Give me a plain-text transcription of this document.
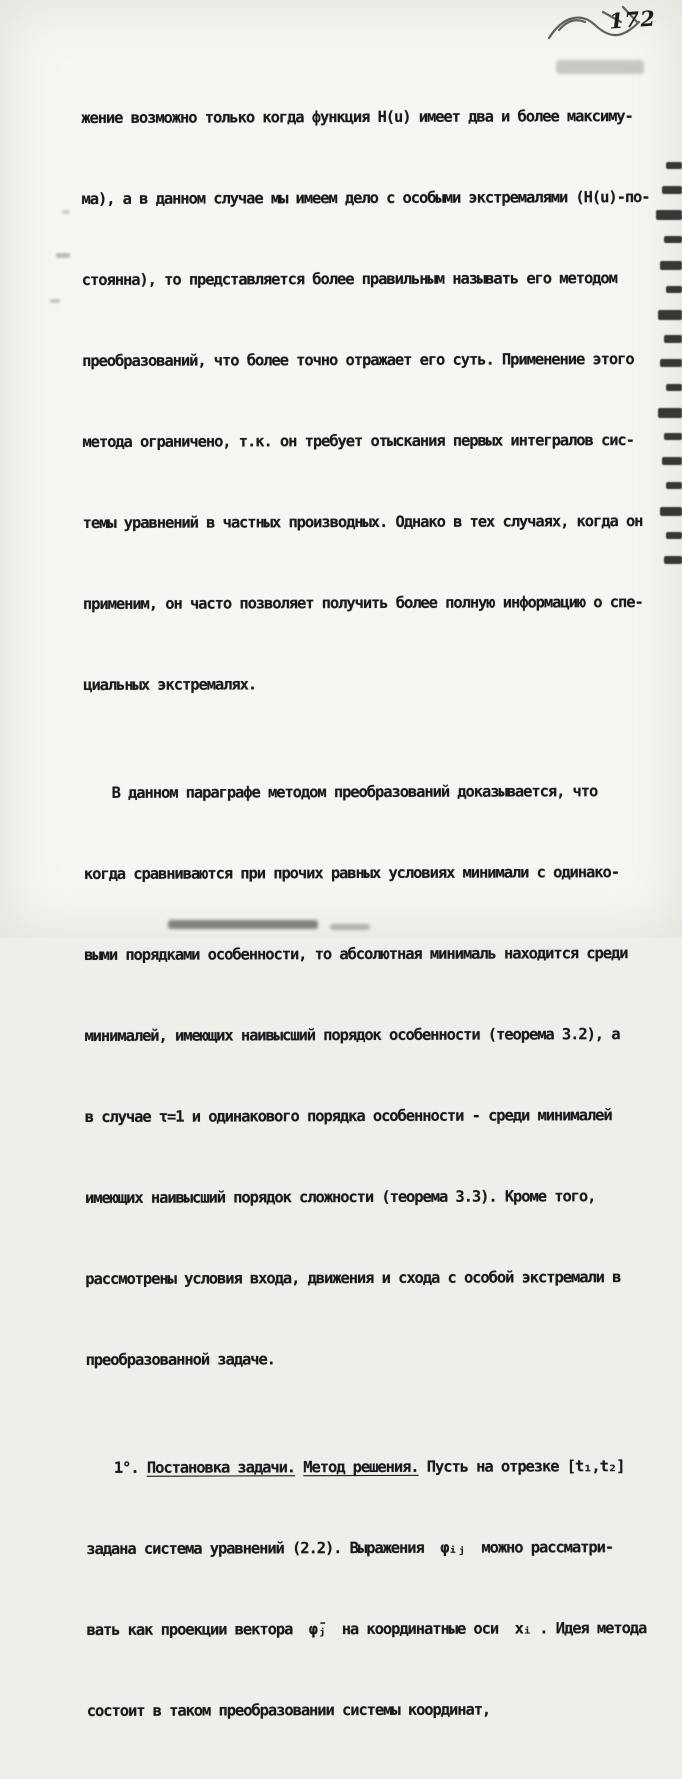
172

жение возможно только когда функция H(u) имеет два и более максиму-

ма), а в данном случае мы имеем дело с особыми экстремалями (H(u)-по-

стоянна), то представляется более правильным называть его методом

преобразований, что более точно отражает его суть. Применение этого

метода ограничено, т.к. он требует отыскания первых интегралов сис-

темы уравнений в частных производных. Однако в тех случаях, когда он

применим, он часто позволяет получить более полную информацию о спе-

циальных экстремалях.

В данном параграфе методом преобразований доказывается, что

когда сравниваются при прочих равных условиях минимали с одинако-

выми порядками особенности, то абсолютная минималь находится среди

минималей, имеющих наивысший порядок особенности (теорема 3.2), а

в случае τ=1 и одинакового порядка особенности - среди минималей

имеющих наивысший порядок сложности (теорема 3.3). Кроме того,

рассмотрены условия входа, движения и схода с особой экстремали в

преобразованной задаче.

1°. Постановка задачи. Метод решения. Пусть на отрезке [t₁,t₂]

задана система уравнений (2.2). Выражения  φᵢⱼ  можно рассматри-

вать как проекции вектора  φ̄ⱼ  на координатные оси  xᵢ . Идея метода

состоит в таком преобразовании системы координат,
